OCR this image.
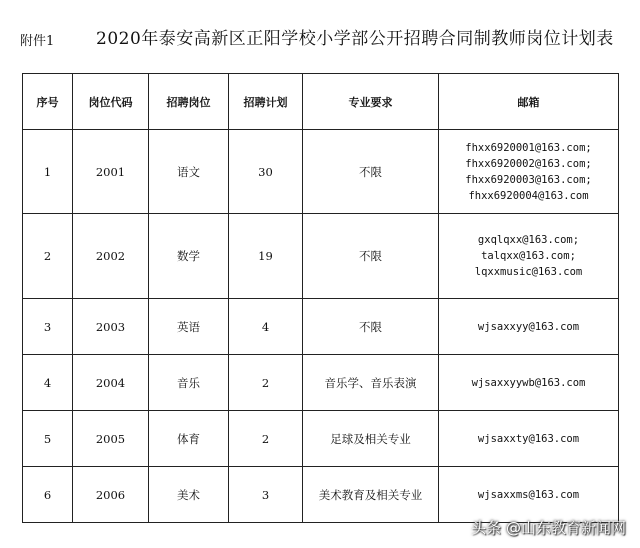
附件1 2020年泰安高新区正阳学校小学部公开招聘合同制教师岗位计划表
序号	岗位代码	招聘岗位	招聘计划	专业要求	邮箱
1	2001	语文	30	不限	fhxx6920001@163.com;
fhxx6920002@163.com;
fhxx6920003@163.com;
fhxx6920004@163.com

2	2002	数学	19	不限	gxqlqxx@163.com;
talqxx@163.com;
lqxxmusic@163.com

3	2003	英语	4	不限	wjsaxxyy@163.com

4	2004	音乐	2	音乐学、音乐表演	wjsaxxyywb@163.com

5	2005	体育	2	足球及相关专业	wjsaxxty@163.com

6	2006	美术	3	美术教育及相关专业	wjsaxxms@163.com
头条 @山东教育新闻网
